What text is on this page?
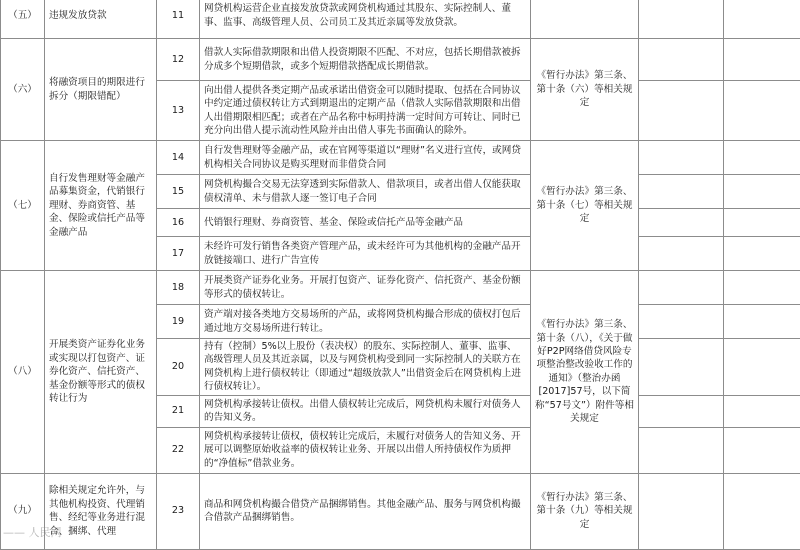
（五）	违规发放贷款	11	网贷机构运营企业直接发放贷款或网贷机构通过其股东、实际控制人、董事、监事、高级管理人员、公司员工及其近亲属等发放贷款。			
（六）	将融资项目的期限进行拆分（期限错配）	12	借款人实际借款期限和出借人投资期限不匹配、不对应，包括长期借款被拆分成多个短期借款，或多个短期借款搭配成长期借款。	《暂行办法》第三条、第十条（六）等相关规定		
		13	向出借人提供各类定期产品或承诺出借资金可以随时提取、包括在合同协议中约定通过债权转让方式到期退出的定期产品（借款人实际借款期限和出借人出借期限相匹配；或者在产品名称中标明持满一定时间方可转让、同时已充分向出借人提示流动性风险并由出借人事先书面确认的除外。			
（七）	自行发售理财等金融产品募集资金，代销银行理财、券商资管、基金、保险或信托产品等金融产品	14	自行发售理财等金融产品，或在官网等渠道以“理财”名义进行宣传，或网贷机构相关合同协议是购买理财而非借贷合同	《暂行办法》第三条、第十条（七）等相关规定		
		15	网贷机构撮合交易无法穿透到实际借款人、借款项目，或者出借人仅能获取债权清单、未与借款人逐一签订电子合同			
		16	代销银行理财、券商资管、基金、保险或信托产品等金融产品			
		17	未经许可发行销售各类资产管理产品，或未经许可为其他机构的金融产品开放链接端口、进行广告宣传			
（八）	开展类资产证券化业务或实现以打包资产、证券化资产、信托资产、基金份额等形式的债权转让行为	18	开展类资产证券化业务。开展打包资产、证券化资产、信托资产、基金份额等形式的债权转让。	《暂行办法》第三条、第十条（八），《关于做好P2P网络借贷风险专项整治整改验收工作的通知》（整治办函[2017]57号，以下简称“57号文”）附件等相关规定		
		19	资产端对接各类地方交易场所的产品，或将网贷机构撮合形成的债权打包后通过地方交易场所进行转让。			
		20	持有（控制）5%以上股份（表决权）的股东、实际控制人、董事、监事、高级管理人员及其近亲属，以及与网贷机构受到同一实际控制人的关联方在网贷机构上进行债权转让（即通过“超级放款人”出借资金后在网贷机构上进行债权转让）。			
		21	网贷机构承接转让债权。出借人债权转让完成后，网贷机构未履行对债务人的告知义务。			
		22	网贷机构承接转让债权，债权转让完成后，未履行对债务人的告知义务、开展可以调整原始收益率的债权转让业务、开展以出借人所持债权作为质押的“净值标”借款业务。			
（九）	除相关规定允许外，与其他机构投资、代理销售、经纪等业务进行混合、捆绑、代理	23	商品和网贷机构撮合借贷产品捆绑销售。其他金融产品、服务与网贷机构撮合借款产品捆绑销售。	《暂行办法》第三条、第十条（九）等相关规定		
—— 人民网
